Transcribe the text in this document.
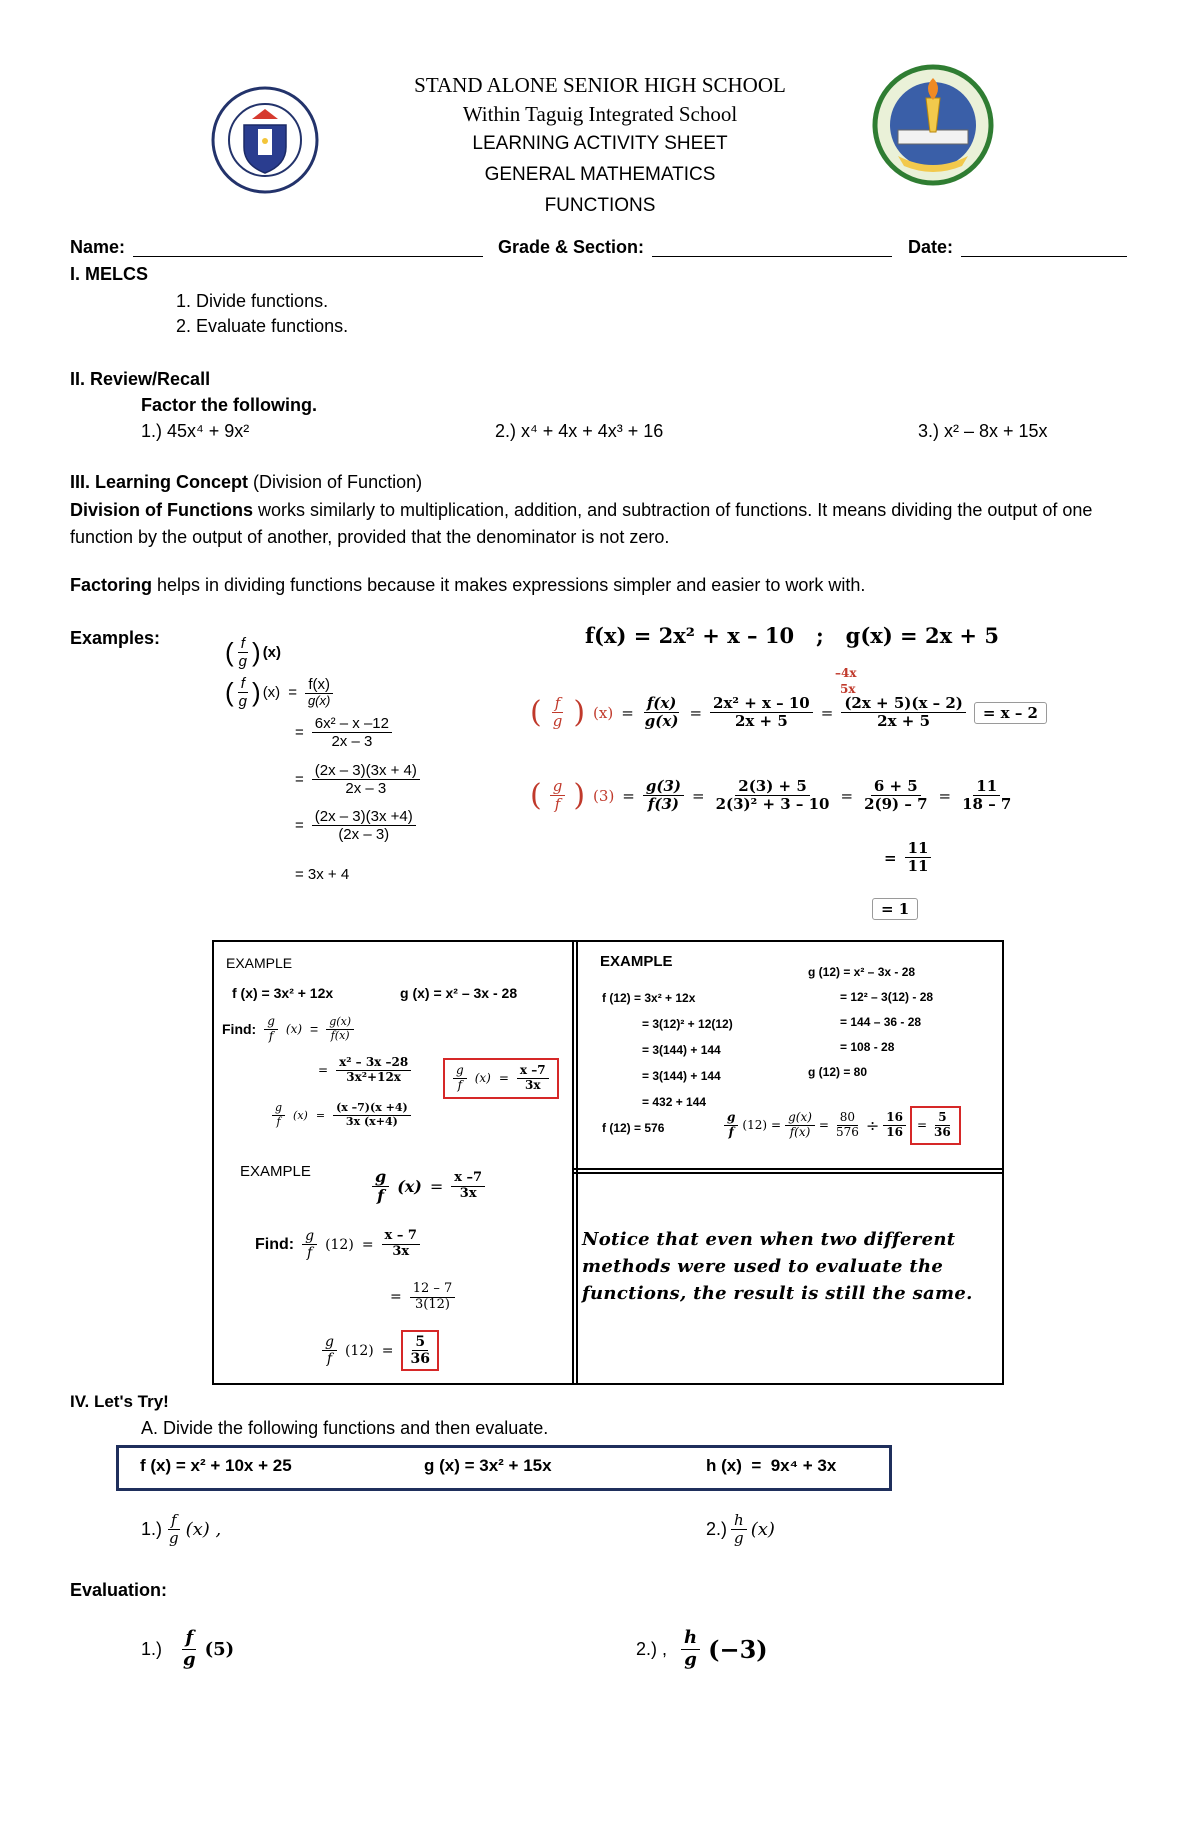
STAND ALONE SENIOR HIGH SCHOOL
Within Taguig Integrated School
LEARNING ACTIVITY SHEET
GENERAL MATHEMATICS
FUNCTIONS
Name:	Grade & Section:	Date:
I. MELCS
1. Divide functions.
2. Evaluate functions.
II. Review/Recall
Factor the following.
1.) 45x⁴ + 9x²	2.) x⁴ + 4x + 4x³ + 16	3.) x² – 8x + 15x
III. Learning Concept (Division of Function)
Division of Functions works similarly to multiplication, addition, and subtraction of functions. It means dividing the output of one function by the output of another, provided that the denominator is not zero.
Factoring helps in dividing functions because it makes expressions simpler and easier to work with.
Examples: ( $\frac{f}{g}$ ) (x)
( $\frac{f}{g}$ ) $(x) = \frac{f(x)}{g(x)}$
= $\frac{\text{6x² – x –12}}{2x - 3}$
= $\frac{(2x - 3)(3x + 4)}{2x - 3}$
= $\frac{(2x - 3)(3x +4)}{(2x - 3)}$
= 3x + 4
f(x) = 2x² + x – 10   ;   g(x) = 2x + 5
–4x
5x
( $\frac{f}{g}$ ) $(x) = \frac{f(x)}{g(x)} = \frac{\text{2x² + x – 10}}{2x + 5} = \frac{(2x + 5)(x - 2)}{2x + 5}$	= x – 2
( $\frac{g}{f}$ ) $(3) = \frac{g(3)}{f(3)} = \frac{2(3) + 5}{\text{2(3)² + 3 – 10}} = \frac{6 + 5}{2(9) - 7} = \frac{11}{18 - 7}$
= $\frac{11}{11}$
= 1
EXAMPLE
f (x) = 3x² + 12x	g (x) = x² – 3x - 28
Find: $\frac{g}{f} (x) = \frac{g(x)}{f(x)}$
= $\frac{\text{x² – 3x –28}}{\text{3x²+12x}}$	$\frac{g}{f} (x) = \frac{x -7}{3x}$
$\frac{g}{f} (x) = \frac{(x -7)(x +4)}{3x (x+4)}$
EXAMPLE	$\frac{g}{f} (x) = \frac{x -7}{3x}$
Find: $\frac{g}{f} (12) = \frac{x - 7}{3x}$
= $\frac{12 - 7}{3(12)}$
$\frac{g}{f} (12) = \frac{5}{36}$
EXAMPLE
f (12) = 3x² + 12x
= 3(12)² + 12(12)
= 3(144) + 144
= 3(144) + 144
= 432 + 144
f (12) = 576
g (12) = x² – 3x - 28
= 12² – 3(12) - 28
= 144 – 36 - 28
= 108 - 28
g (12) = 80
$\frac{g}{f} (12) = \frac{g(x)}{f(x)} = \frac{80}{576} \div \frac{16}{16} = \frac{5}{36}$
Notice that even when two different methods were used to evaluate the functions, the result is still the same.
IV. Let's Try!
A. Divide the following functions and then evaluate.
f (x) = x² + 10x + 25	g (x) = 3x² + 15x	h (x)  =  9x⁴ + 3x
$1.) \frac{f}{g} (x)$ ,	$2.) \frac{h}{g} (x)$
Evaluation:
$1.) \frac{f}{g} (5)$	2.) , $\frac{h}{g} (-3)$
